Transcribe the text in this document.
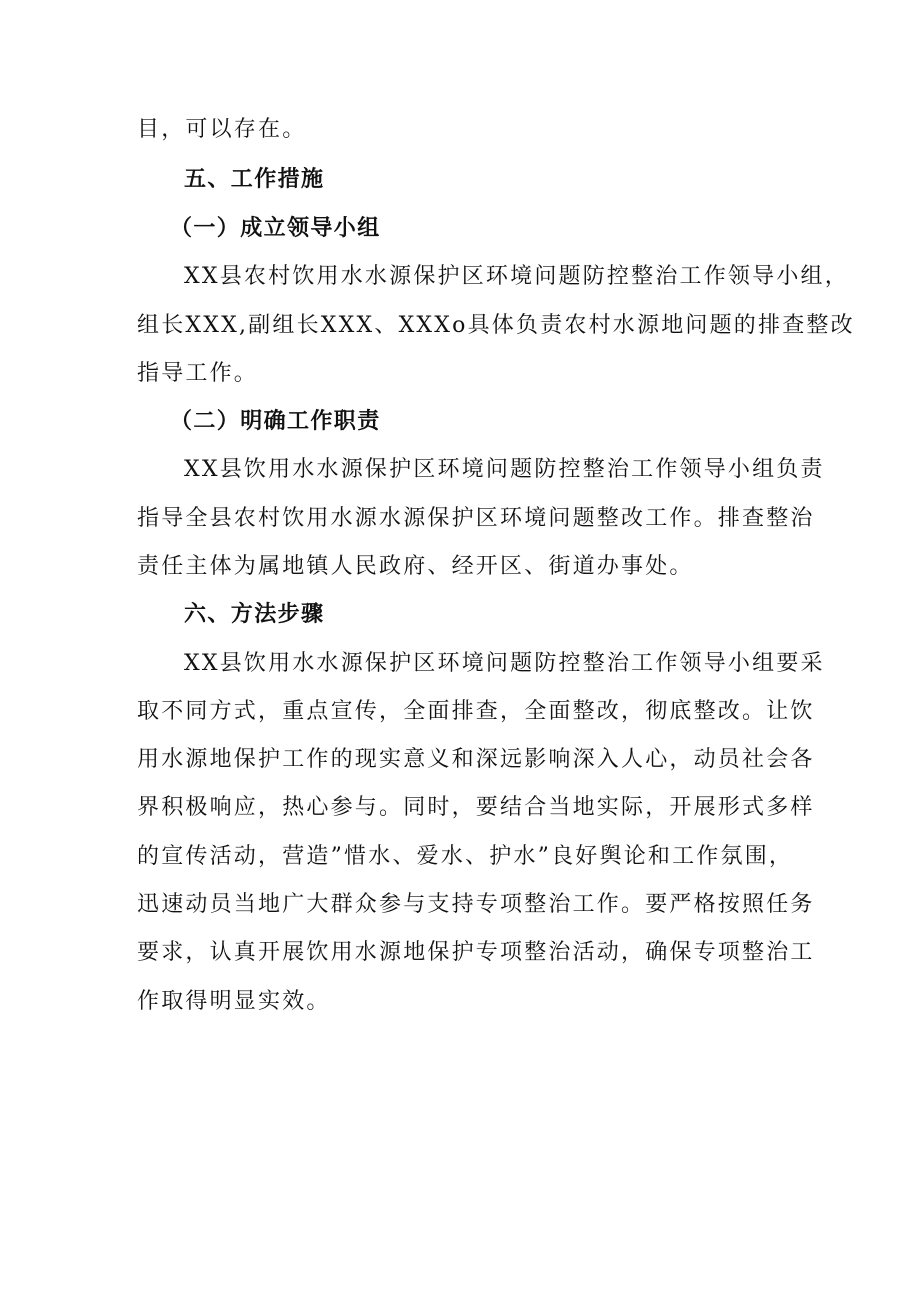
目，可以存在。
五、工作措施
（一）成立领导小组
XX县农村饮用水水源保护区环境问题防控整治工作领导小组，
组长XXX,副组长XXX、XXXo具体负责农村水源地问题的排查整改
指导工作。
（二）明确工作职责
XX县饮用水水源保护区环境问题防控整治工作领导小组负责
指导全县农村饮用水源水源保护区环境问题整改工作。排查整治
责任主体为属地镇人民政府、经开区、街道办事处。
六、方法步骤
XX县饮用水水源保护区环境问题防控整治工作领导小组要采
取不同方式，重点宣传，全面排查，全面整改，彻底整改。让饮
用水源地保护工作的现实意义和深远影响深入人心，动员社会各
界积极响应，热心参与。同时，要结合当地实际，开展形式多样
的宣传活动，营造”惜水、爱水、护水”良好舆论和工作氛围，
迅速动员当地广大群众参与支持专项整治工作。要严格按照任务
要求，认真开展饮用水源地保护专项整治活动，确保专项整治工
作取得明显实效。
